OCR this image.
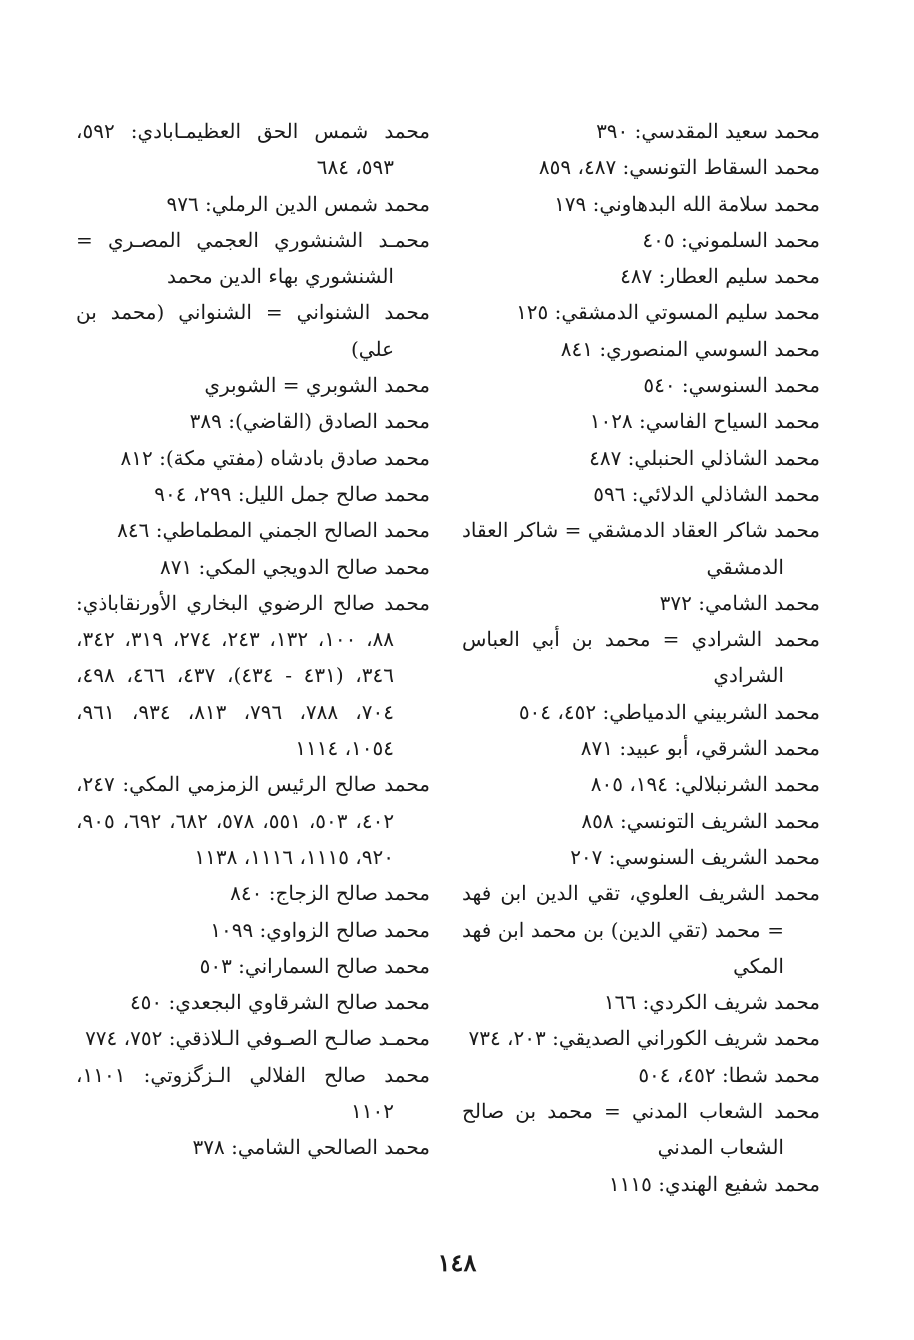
محمد سعيد المقدسي: ٣٩٠
محمد السقاط التونسي: ٤٨٧، ٨٥٩
محمد سلامة الله البدهاوني: ١٧٩
محمد السلموني: ٤٠٥
محمد سليم العطار: ٤٨٧
محمد سليم المسوتي الدمشقي: ١٢٥
محمد السوسي المنصوري: ٨٤١
محمد السنوسي: ٥٤٠
محمد السياح الفاسي: ١٠٢٨
محمد الشاذلي الحنبلي: ٤٨٧
محمد الشاذلي الدلائي: ٥٩٦
محمد شاكر العقاد الدمشقي = شاكر العقاد الدمشقي
محمد الشامي: ٣٧٢
محمد الشرادي = محمد بن أبي العباس الشرادي
محمد الشربيني الدمياطي: ٤٥٢، ٥٠٤
محمد الشرقي، أبو عبيد: ٨٧١
محمد الشرنبلالي: ١٩٤، ٨٠٥
محمد الشريف التونسي: ٨٥٨
محمد الشريف السنوسي: ٢٠٧
محمد الشريف العلوي، تقي الدين ابن فهد = محمد (تقي الدين) بن محمد ابن فهد المكي
محمد شريف الكردي: ١٦٦
محمد شريف الكوراني الصديقي: ٢٠٣، ٧٣٤
محمد شطا: ٤٥٢، ٥٠٤
محمد الشعاب المدني = محمد بن صالح الشعاب المدني
محمد شفيع الهندي: ١١١٥
محمد شمس الحق العظيمـابادي: ٥٩٢، ٥٩٣، ٦٨٤
محمد شمس الدين الرملي: ٩٧٦
محمـد الشنشوري العجمي المصـري = الشنشوري بهاء الدين محمد
محمد الشنواني = الشنواني (محمد بن علي)
محمد الشوبري = الشوبري
محمد الصادق (القاضي): ٣٨٩
محمد صادق بادشاه (مفتي مكة): ٨١٢
محمد صالح جمل الليل: ٢٩٩، ٩٠٤
محمد الصالح الجمني المطماطي: ٨٤٦
محمد صالح الدويجي المكي: ٨٧١
محمد صالح الرضوي البخاري الأورنقاباذي: ٨٨، ١٠٠، ١٣٢، ٢٤٣، ٢٧٤، ٣١٩، ٣٤٢، ٣٤٦، (٤٣١ - ٤٣٤)، ٤٣٧، ٤٦٦، ٤٩٨، ٧٠٤، ٧٨٨، ٧٩٦، ٨١٣، ٩٣٤، ٩٦١، ١٠٥٤، ١١١٤
محمد صالح الرئيس الزمزمي المكي: ٢٤٧، ٤٠٢، ٥٠٣، ٥٥١، ٥٧٨، ٦٨٢، ٦٩٢، ٩٠٥، ٩٢٠، ١١١٥، ١١١٦، ١١٣٨
محمد صالح الزجاج: ٨٤٠
محمد صالح الزواوي: ١٠٩٩
محمد صالح السماراني: ٥٠٣
محمد صالح الشرقاوي البجعدي: ٤٥٠
محمـد صالـح الصـوفي الـلاذقي: ٧٥٢، ٧٧٤
محمد صالح الفلالي الـزگزوتي: ١١٠١، ١١٠٢
محمد الصالحي الشامي: ٣٧٨
١٤٨
